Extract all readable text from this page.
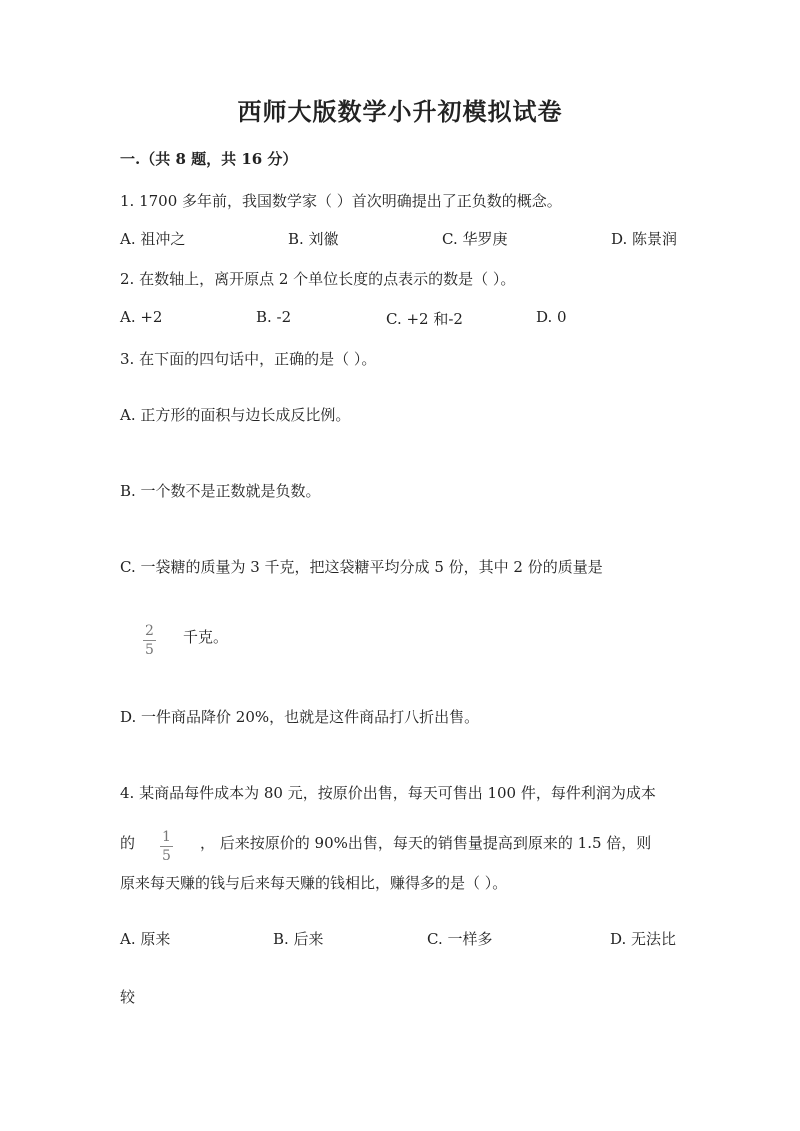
西师大版数学小升初模拟试卷
一.（共 8 题，共 16 分）
1. 1700 多年前，我国数学家（ ）首次明确提出了正负数的概念。
A. 祖冲之	B. 刘徽	C. 华罗庚	D. 陈景润
2. 在数轴上，离开原点 2 个单位长度的点表示的数是（ ）。
A. +2	B. -2	C. +2 和-2	D. 0
3. 在下面的四句话中，正确的是（ ）。
A. 正方形的面积与边长成反比例。
B. 一个数不是正数就是负数。
C. 一袋糖的质量为 3 千克，把这袋糖平均分成 5 份，其中 2 份的质量是
$\frac{2}{5}$ 千克。
D. 一件商品降价 20%，也就是这件商品打八折出售。
4. 某商品每件成本为 80 元，按原价出售，每天可售出 100 件，每件利润为成本
的 $\frac{1}{5}$ ， 后来按原价的 90%出售，每天的销售量提高到原来的 1.5 倍，则
原来每天赚的钱与后来每天赚的钱相比，赚得多的是（ ）。
A. 原来	B. 后来	C. 一样多	D. 无法比
较
